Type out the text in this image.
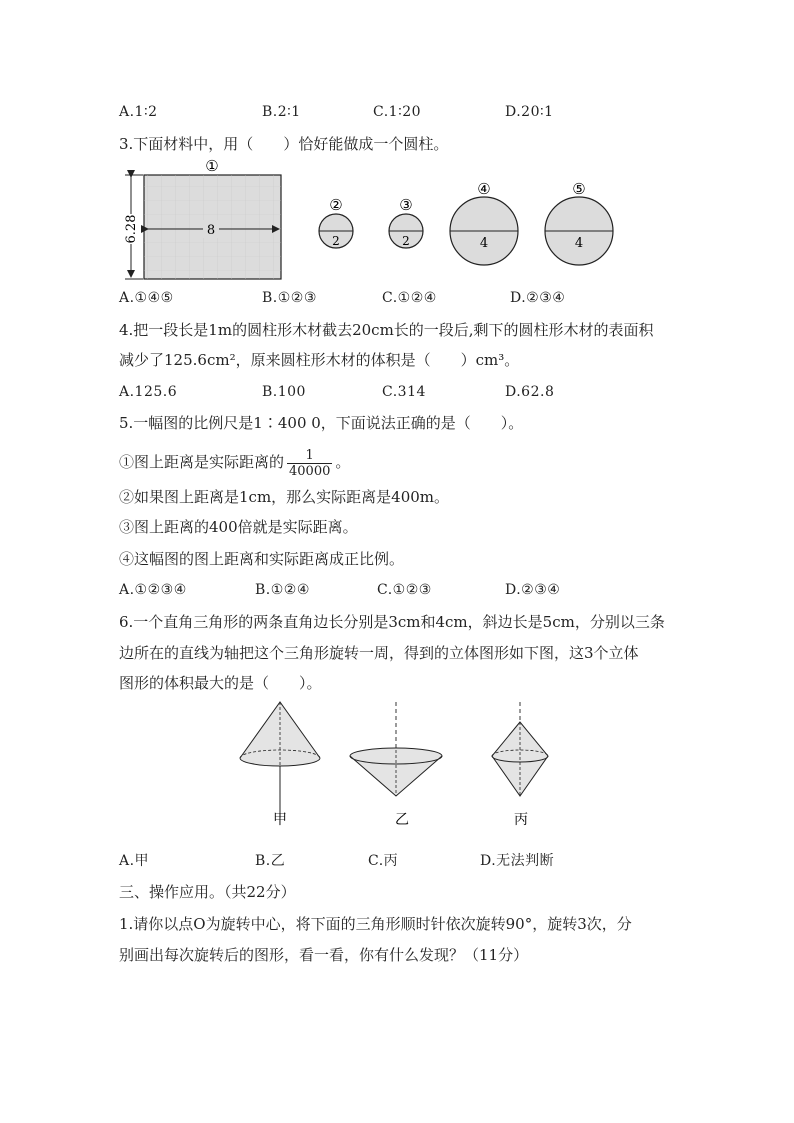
A.1∶2	B.2∶1	C.1∶20	D.20∶1
3.下面材料中，用（　　）恰好能做成一个圆柱。
8
6.28
①
2
②
2
③
4
④
4
⑤
A.①④⑤	B.①②③	C.①②④	D.②③④
4.把一段长是1m的圆柱形木材截去20cm长的一段后,剩下的圆柱形木材的表面积
减少了125.6cm²，原来圆柱形木材的体积是（　　）cm³。
A.125.6	B.100	C.314	D.62.8
5.一幅图的比例尺是1∶400 0，下面说法正确的是（　　）。
①图上距离是实际距离的 $\frac{1}{40000}$ 。
②如果图上距离是1cm，那么实际距离是400m。
③图上距离的400倍就是实际距离。
④这幅图的图上距离和实际距离成正比例。
A.①②③④	B.①②④	C.①②③	D.②③④
6.一个直角三角形的两条直角边长分别是3cm和4cm，斜边长是5cm，分别以三条
边所在的直线为轴把这个三角形旋转一周，得到的立体图形如下图，这3个立体
图形的体积最大的是（　　）。
甲	乙	丙
A.甲	B.乙	C.丙	D.无法判断
三、操作应用。（共22分）
1.请你以点O为旋转中心，将下面的三角形顺时针依次旋转90°，旋转3次，分
别画出每次旋转后的图形，看一看，你有什么发现？（11分）
